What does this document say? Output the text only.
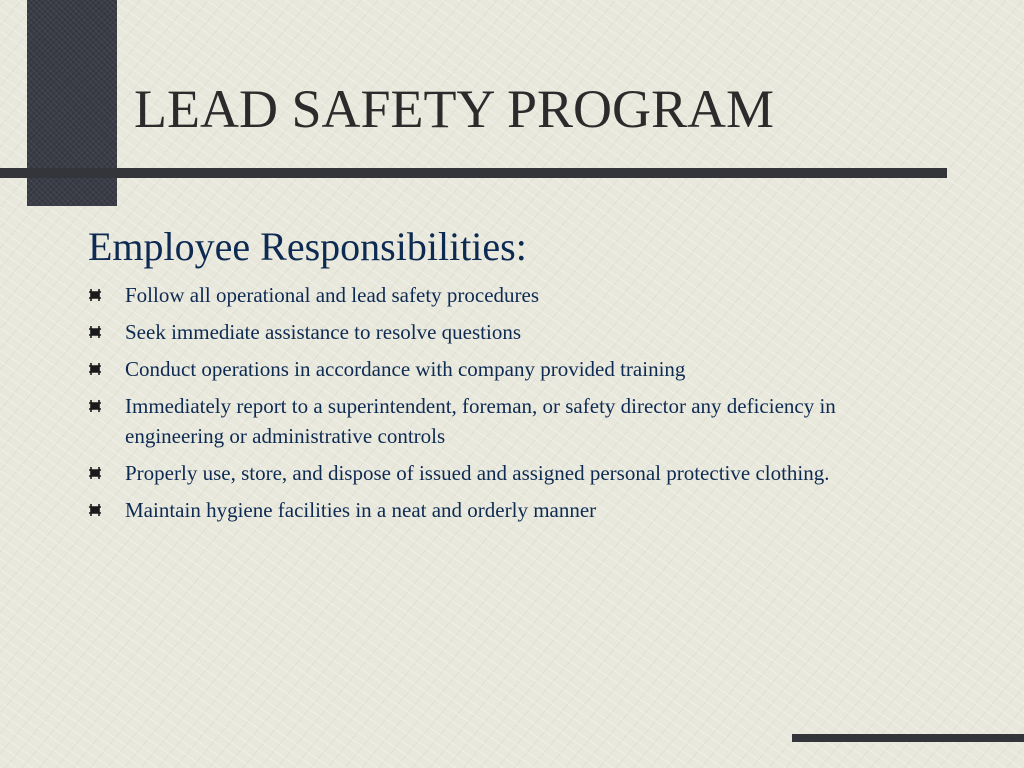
LEAD SAFETY PROGRAM
Employee Responsibilities:
Follow all operational and lead safety procedures
Seek immediate assistance to resolve questions
Conduct operations in accordance with company provided training
Immediately report to a superintendent, foreman, or safety director any deficiency in engineering or administrative controls
Properly use, store, and dispose of issued and assigned personal protective clothing.
Maintain hygiene facilities in a neat and orderly manner
